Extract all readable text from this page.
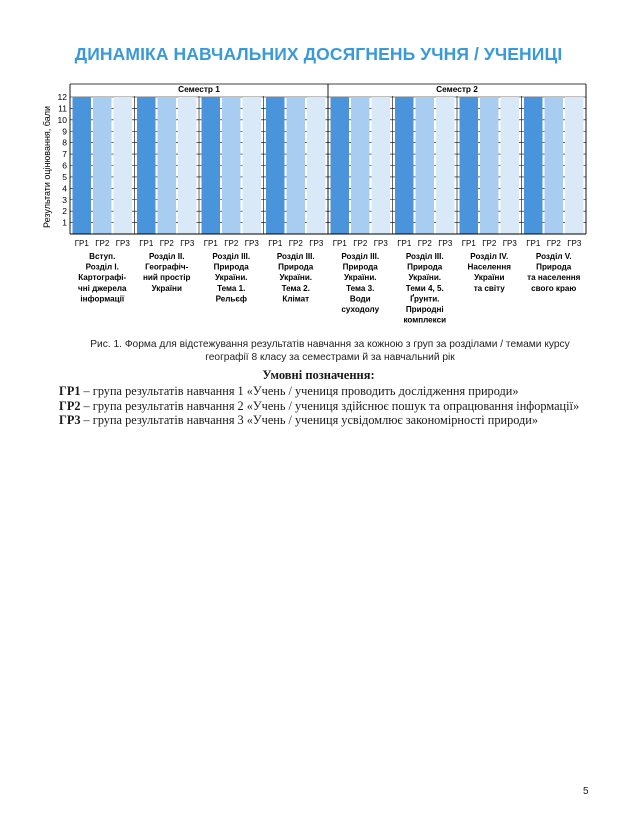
ДИНАМІКА НАВЧАЛЬНИХ ДОСЯГНЕНЬ УЧНЯ / УЧЕНИЦІ
Семестр 1	Семестр 2
1
2
3
4
5
6
7
8
9
10
11
12
Результати оцінювання, бали
ГР1 ГР2 ГР3 ГР1 ГР2 ГР3 ГР1 ГР2 ГР3 ГР1 ГР2 ГР3 ГР1 ГР2 ГР3 ГР1 ГР2 ГР3 ГР1 ГР2 ГР3 ГР1 ГР2 ГР3
Вступ.
Розділ І.
Картографі-
чні джерела
інформації
Розділ ІІ.
Географіч-
ний простір
України
Розділ ІІІ.
Природа
України.
Тема 1.
Рельєф
Розділ ІІІ.
Природа
України.
Тема 2.
Клімат
Розділ ІІІ.
Природа
України.
Тема 3.
Води
суходолу
Розділ ІІІ.
Природа
України.
Теми 4, 5.
Ґрунти.
Природні
комплекси
Розділ IV.
Населення
України
та світу
Розділ V.
Природа
та населення
свого краю
Рис. 1. Форма для відстежування результатів навчання за кожною з груп за розділами / темами курсу географії 8 класу за семестрами й за навчальний рік
Умовні позначення:

ГР1 – група результатів навчання 1 «Учень / учениця проводить дослідження природи»

ГР2 – група результатів навчання 2 «Учень / учениця здійснює пошук та опрацювання інформації»

ГР3 – група результатів навчання 3 «Учень / учениця усвідомлює закономірності природи»

5
